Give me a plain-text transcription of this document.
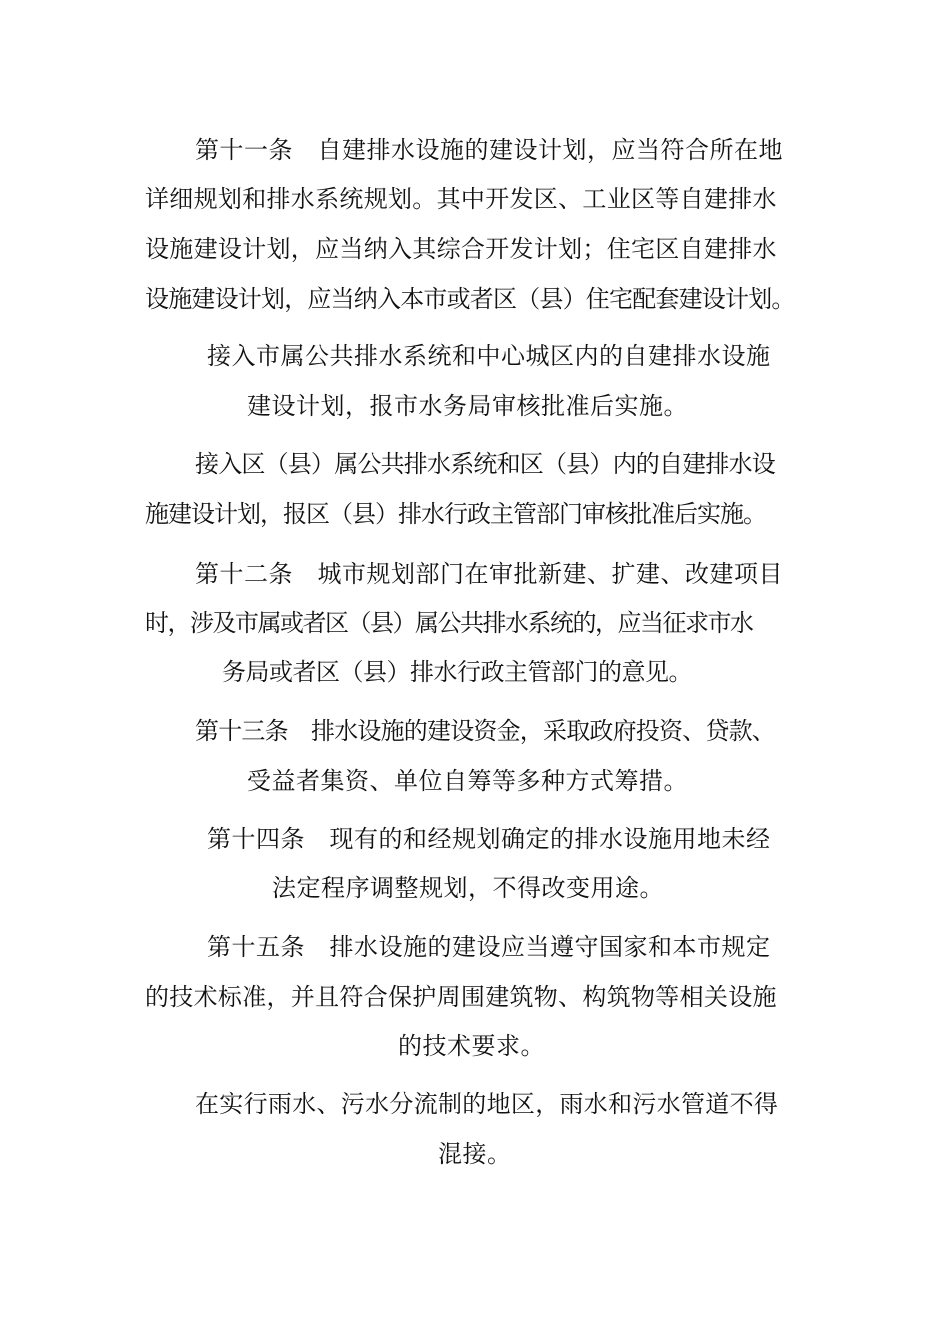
第十一条　自建排水设施的建设计划，应当符合所在地
详细规划和排水系统规划。其中开发区、工业区等自建排水
设施建设计划，应当纳入其综合开发计划；住宅区自建排水
设施建设计划，应当纳入本市或者区（县）住宅配套建设计划。
接入市属公共排水系统和中心城区内的自建排水设施
建设计划，报市水务局审核批准后实施。
接入区（县）属公共排水系统和区（县）内的自建排水设
施建设计划，报区（县）排水行政主管部门审核批准后实施。
第十二条　城市规划部门在审批新建、扩建、改建项目
时，涉及市属或者区（县）属公共排水系统的，应当征求市水
务局或者区（县）排水行政主管部门的意见。
第十三条　排水设施的建设资金，采取政府投资、贷款、
受益者集资、单位自筹等多种方式筹措。
第十四条　现有的和经规划确定的排水设施用地未经
法定程序调整规划，不得改变用途。
第十五条　排水设施的建设应当遵守国家和本市规定
的技术标准，并且符合保护周围建筑物、构筑物等相关设施
的技术要求。
在实行雨水、污水分流制的地区，雨水和污水管道不得
混接。
